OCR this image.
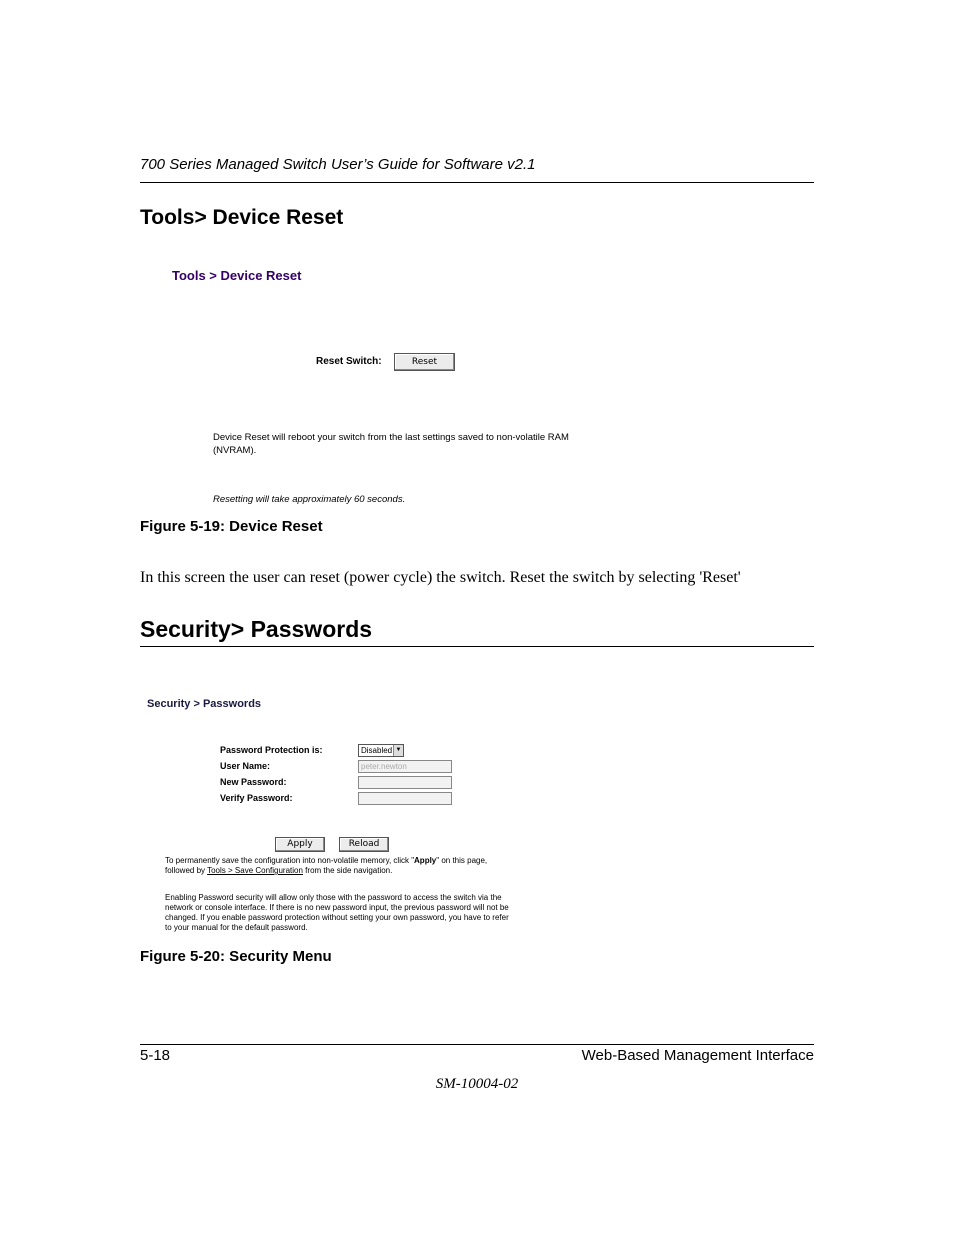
700 Series Managed Switch User’s Guide for Software v2.1
Tools> Device Reset
Tools > Device Reset
Reset Switch:	Reset
Device Reset will reboot your switch from the last settings saved to non-volatile RAM
(NVRAM).
Resetting will take approximately 60 seconds.
Figure 5-19: Device Reset
In this screen the user can reset (power cycle) the switch. Reset the switch by selecting 'Reset'
Security> Passwords
Security > Passwords
Password Protection is:	Disabled ▼
User Name:	peter.newton
New Password:
Verify Password:
Apply	Reload
To permanently save the configuration into non-volatile memory, click "Apply" on this page,
followed by Tools > Save Configuration from the side navigation.
Enabling Password security will allow only those with the password to access the switch via the
network or console interface. If there is no new password input, the previous password will not be
changed. If you enable password protection without setting your own password, you have to refer
to your manual for the default password.
Figure 5-20: Security Menu
5-18	Web-Based Management Interface
SM-10004-02
